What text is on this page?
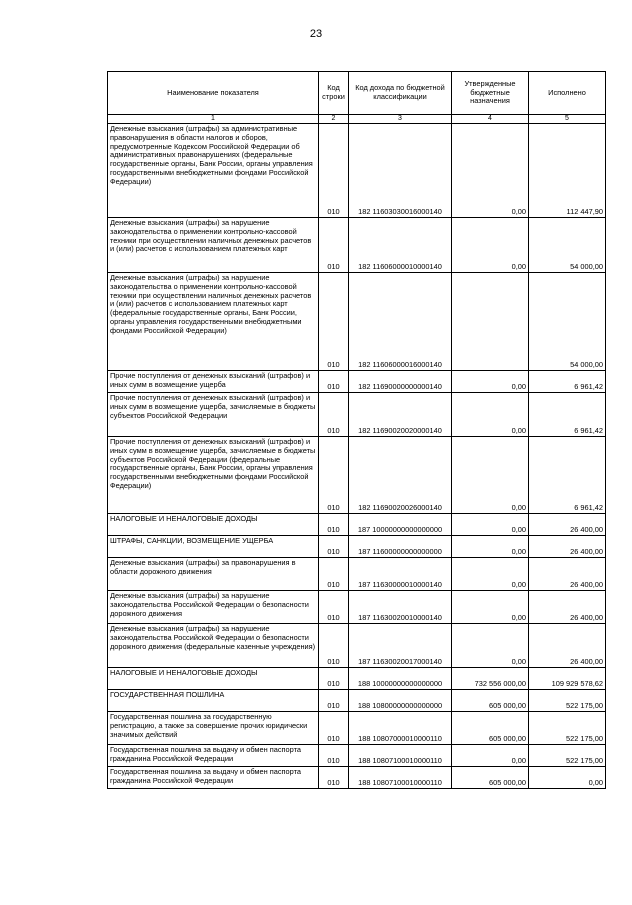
23
Наименование показателя	Код строки	Код дохода по бюджетной классификации	Утвержденные бюджетные назначения	Исполнено
1	2	3	4	5
Денежные взыскания (штрафы) за административные правонарушения в области налогов и сборов, предусмотренные Кодексом Российской Федерации об административных правонарушениях (федеральные государственные органы, Банк России, органы управления государственными внебюджетными фондами Российской Федерации)	010	182 11603030016000140	0,00	112 447,90
Денежные взыскания (штрафы) за нарушение законодательства о применении контрольно-кассовой техники при осуществлении наличных денежных расчетов и (или) расчетов с использованием платежных карт	010	182 11606000010000140	0,00	54 000,00
Денежные взыскания (штрафы) за нарушение законодательства о применении контрольно-кассовой техники при осуществлении наличных денежных расчетов и (или) расчетов с использованием платежных карт (федеральные государственные органы, Банк России, органы управления государственными внебюджетными фондами Российской Федерации)	010	182 11606000016000140		54 000,00
Прочие поступления от денежных взысканий (штрафов) и иных сумм в возмещение ущерба	010	182 11690000000000140	0,00	6 961,42
Прочие поступления от денежных взысканий (штрафов) и иных сумм в возмещение ущерба, зачисляемые в бюджеты субъектов Российской Федерации	010	182 11690020020000140	0,00	6 961,42
Прочие поступления от денежных взысканий (штрафов) и иных сумм в возмещение ущерба, зачисляемые в бюджеты субъектов Российской Федерации (федеральные государственные органы, Банк России, органы управления государственными внебюджетными фондами Российской Федерации)	010	182 11690020026000140	0,00	6 961,42
НАЛОГОВЫЕ И НЕНАЛОГОВЫЕ ДОХОДЫ	010	187 10000000000000000	0,00	26 400,00
ШТРАФЫ, САНКЦИИ, ВОЗМЕЩЕНИЕ УЩЕРБА	010	187 11600000000000000	0,00	26 400,00
Денежные взыскания (штрафы) за правонарушения в области дорожного движения	010	187 11630000010000140	0,00	26 400,00
Денежные взыскания (штрафы) за нарушение законодательства Российской Федерации о безопасности дорожного движения	010	187 11630020010000140	0,00	26 400,00
Денежные взыскания (штрафы) за нарушение законодательства Российской Федерации о безопасности дорожного движения (федеральные казенные учреждения)	010	187 11630020017000140	0,00	26 400,00
НАЛОГОВЫЕ И НЕНАЛОГОВЫЕ ДОХОДЫ	010	188 10000000000000000	732 556 000,00	109 929 578,62
ГОСУДАРСТВЕННАЯ ПОШЛИНА	010	188 10800000000000000	605 000,00	522 175,00
Государственная пошлина за государственную регистрацию, а также за совершение прочих юридически значимых действий	010	188 10807000010000110	605 000,00	522 175,00
Государственная пошлина за выдачу и обмен паспорта гражданина Российской Федерации	010	188 10807100010000110	0,00	522 175,00
Государственная пошлина за выдачу и обмен паспорта гражданина Российской Федерации	010	188 10807100010000110	605 000,00	0,00
